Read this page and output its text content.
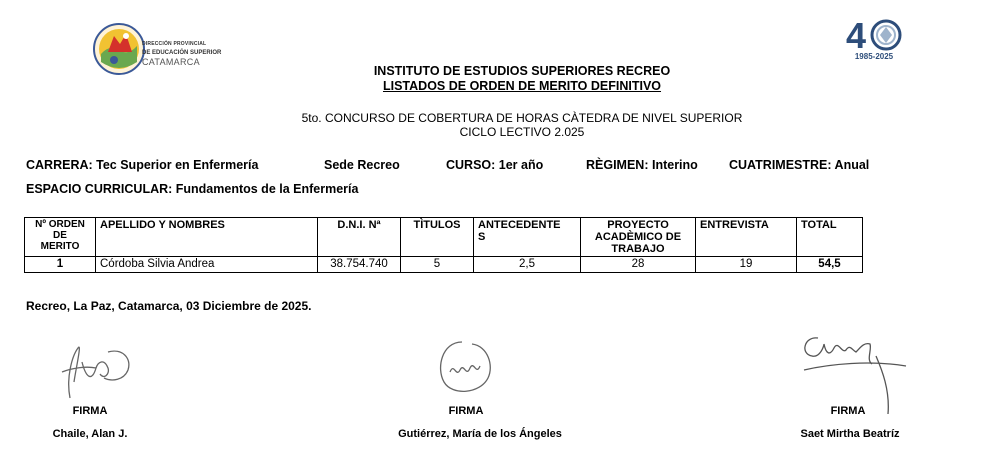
DIRECCIÓN PROVINCIAL
DE EDUCACIÓN SUPERIOR
CATAMARCA
4
1985-2025
INSTITUTO DE ESTUDIOS SUPERIORES RECREO
LISTADOS DE ORDEN DE MERITO DEFINITIVO
5to. CONCURSO DE COBERTURA DE HORAS CÀTEDRA DE NIVEL SUPERIOR
CICLO LECTIVO 2.025
CARRERA: Tec Superior en Enfermería	Sede Recreo	CURSO: 1er año	RÈGIMEN: Interino CUATRIMESTRE: Anual
ESPACIO CURRICULAR: Fundamentos de la Enfermería
Nº ORDEN
DE
MERITO	APELLIDO Y NOMBRES	D.N.I. Nª	TÌTULOS	ANTECEDENTE
S	PROYECTO
ACADÈMICO DE
TRABAJO	ENTREVISTA	TOTAL
1	Córdoba Silvia Andrea	38.754.740	5	2,5	28	19	54,5
Recreo, La Paz, Catamarca, 03 Diciembre de 2025.
FIRMA
Chaile, Alan J.
FIRMA
Gutiérrez, María de los Ángeles
FIRMA
Saet Mirtha Beatríz
